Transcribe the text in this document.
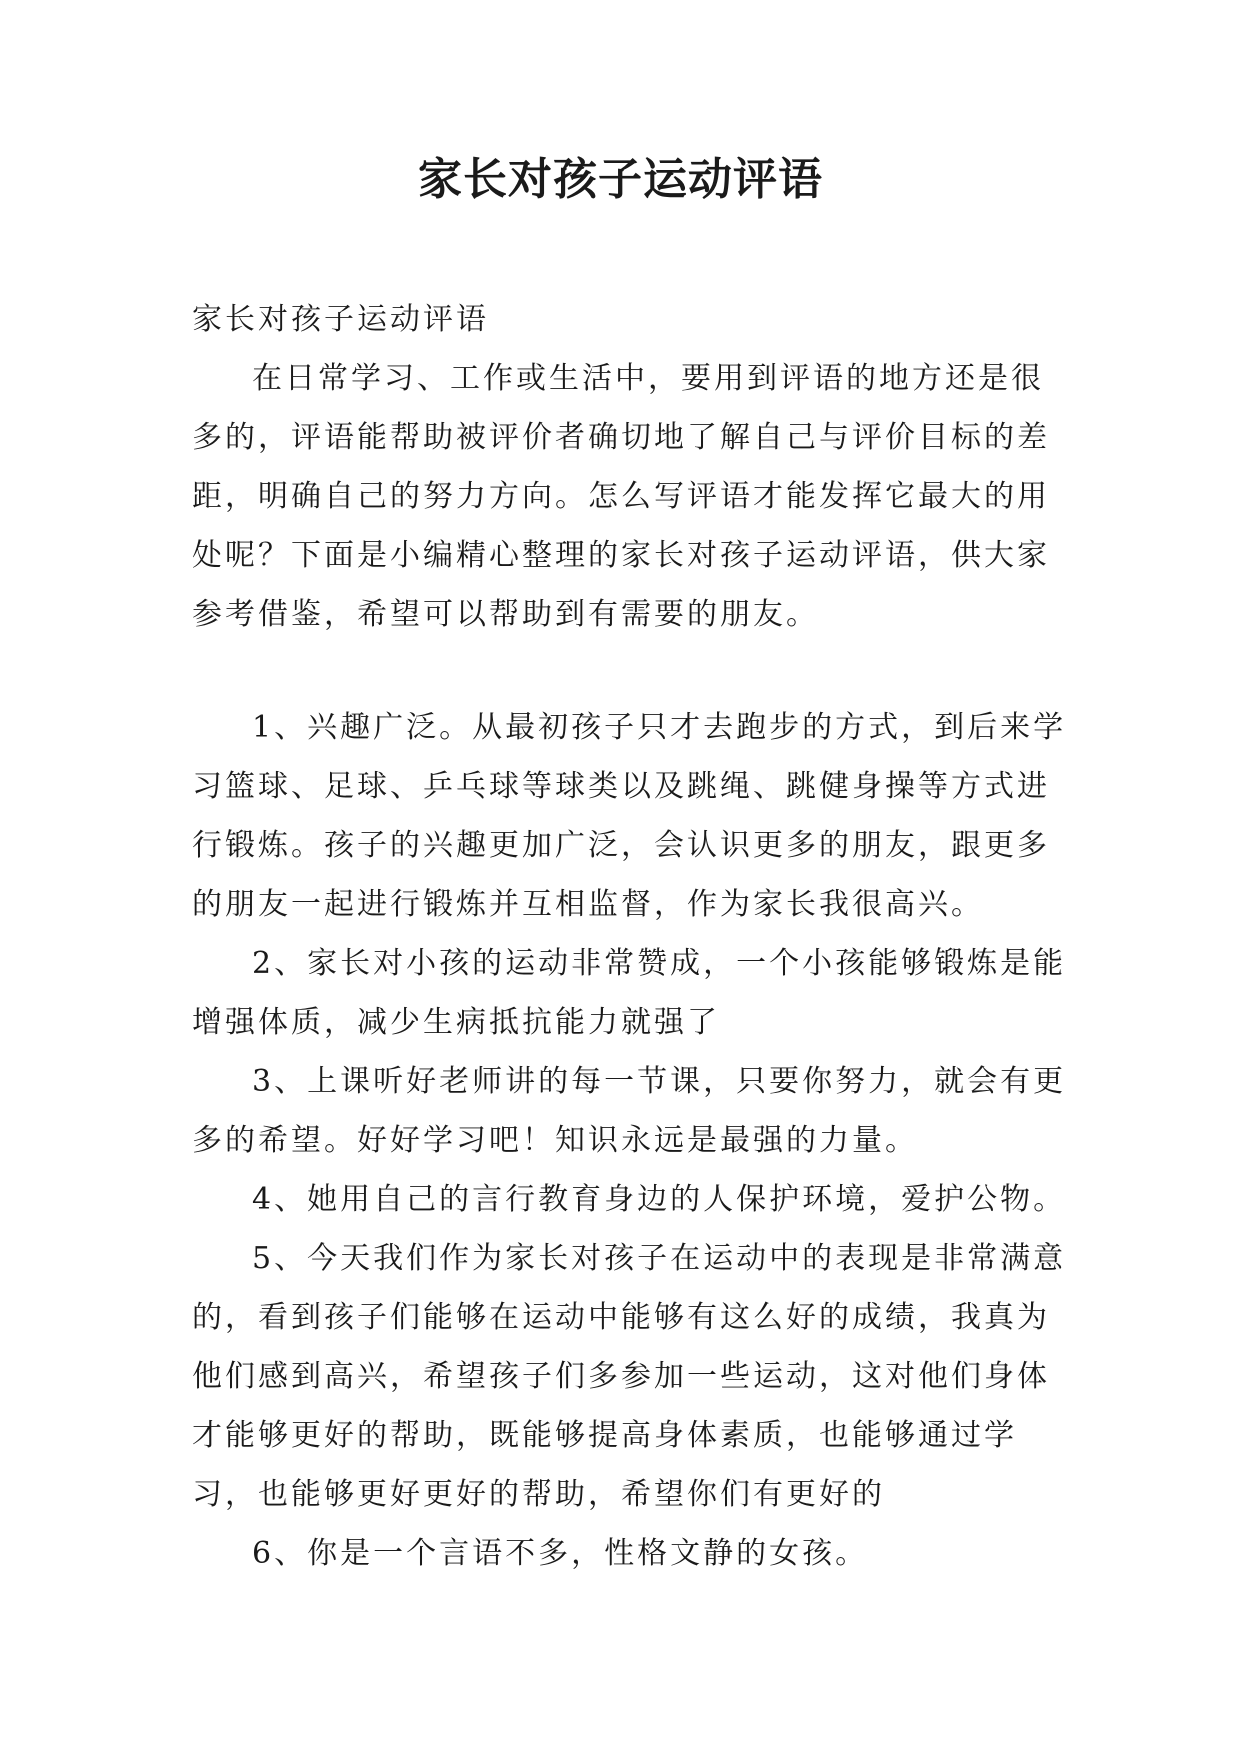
家长对孩子运动评语

家长对孩子运动评语

在日常学习、工作或生活中，要用到评语的地方还是很多的，评语能帮助被评价者确切地了解自己与评价目标的差距，明确自己的努力方向。怎么写评语才能发挥它最大的用处呢？下面是小编精心整理的家长对孩子运动评语，供大家参考借鉴，希望可以帮助到有需要的朋友。

1、兴趣广泛。从最初孩子只才去跑步的方式，到后来学习篮球、足球、乒乓球等球类以及跳绳、跳健身操等方式进行锻炼。孩子的兴趣更加广泛，会认识更多的朋友，跟更多的朋友一起进行锻炼并互相监督，作为家长我很高兴。

2、家长对小孩的运动非常赞成，一个小孩能够锻炼是能增强体质，减少生病抵抗能力就强了

3、上课听好老师讲的每一节课，只要你努力，就会有更多的希望。好好学习吧！知识永远是最强的力量。

4、她用自己的言行教育身边的人保护环境，爱护公物。

5、今天我们作为家长对孩子在运动中的表现是非常满意的，看到孩子们能够在运动中能够有这么好的成绩，我真为他们感到高兴，希望孩子们多参加一些运动，这对他们身体才能够更好的帮助，既能够提高身体素质，也能够通过学习，也能够更好更好的帮助，希望你们有更好的

6、你是一个言语不多，性格文静的女孩。
